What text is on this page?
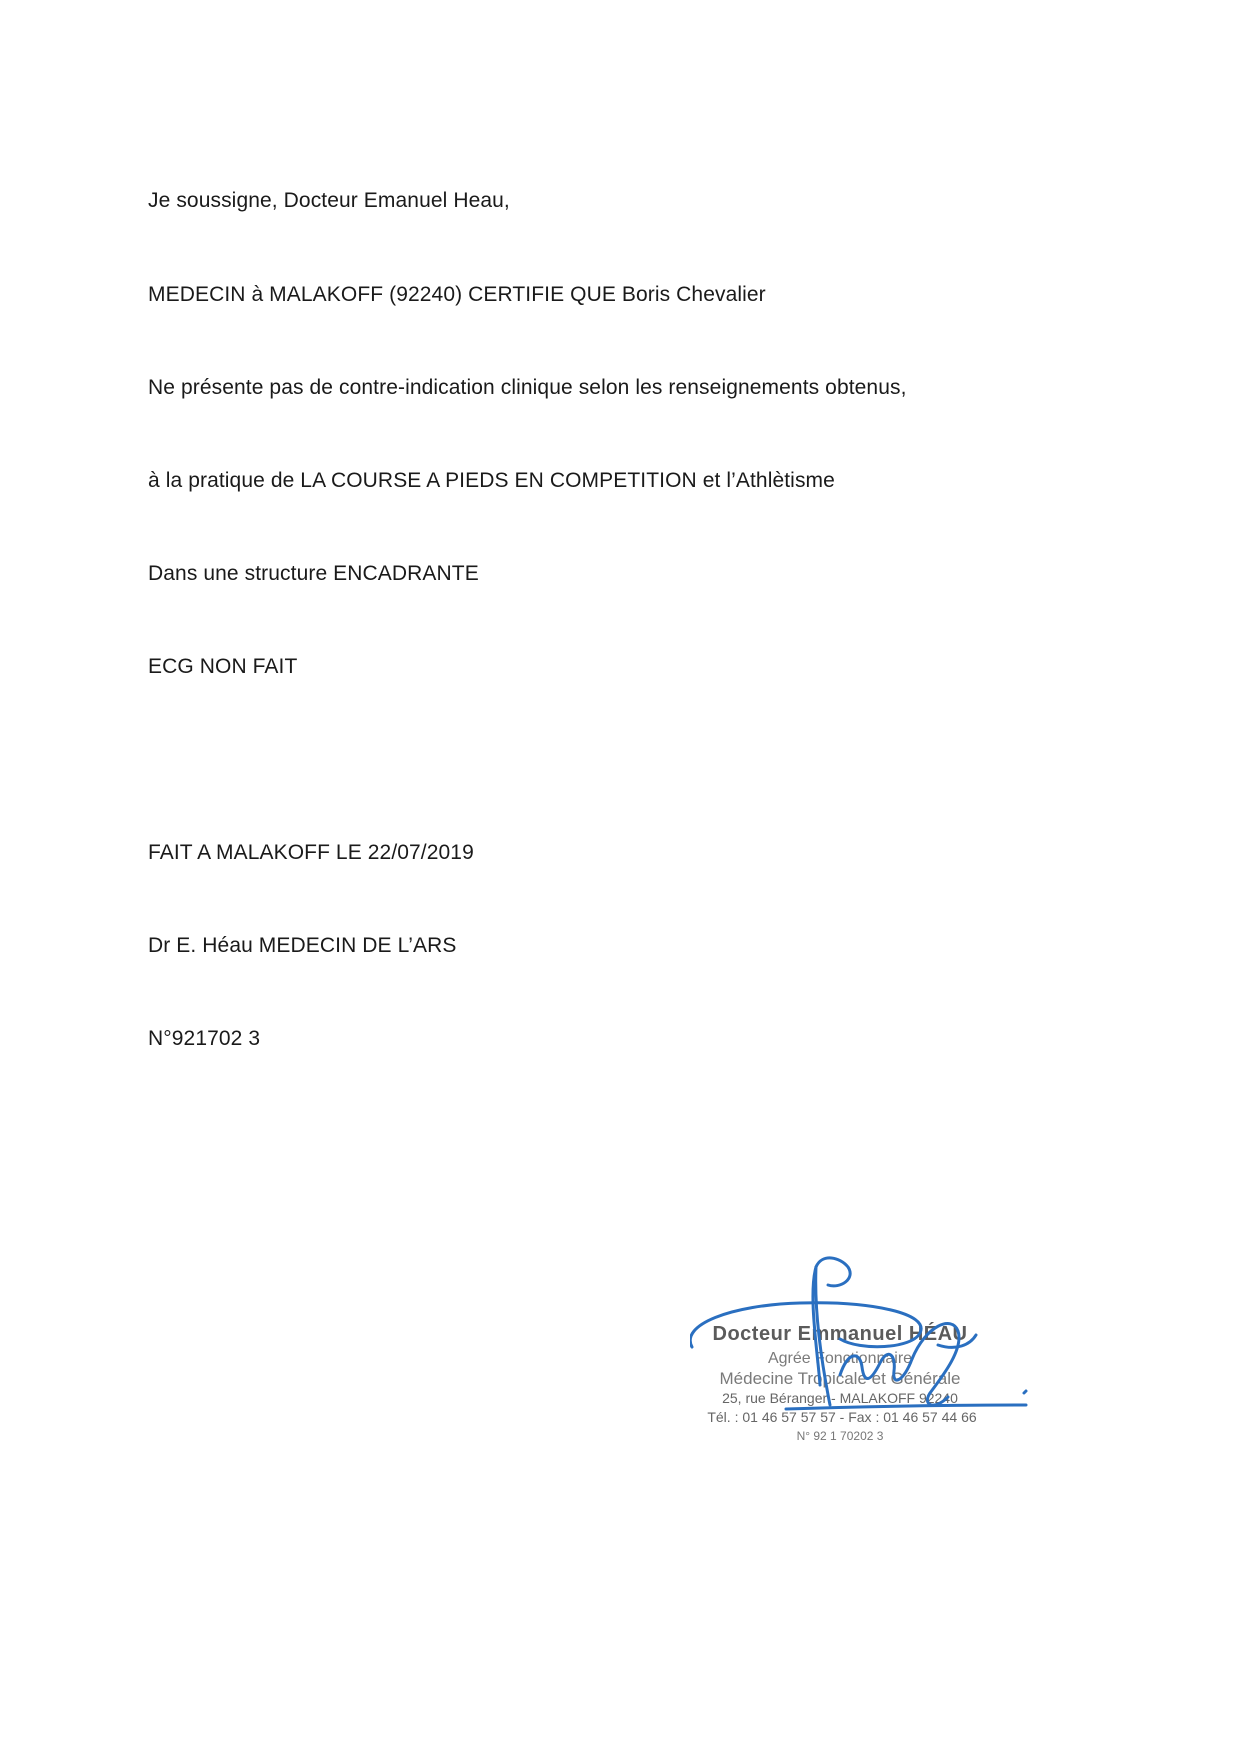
Je soussigne, Docteur Emanuel Heau,
MEDECIN à MALAKOFF (92240) CERTIFIE QUE Boris Chevalier
Ne présente pas de contre-indication clinique selon les renseignements obtenus,
à la pratique de LA COURSE A PIEDS EN COMPETITION et l’Athlètisme
Dans une structure ENCADRANTE
ECG NON FAIT
FAIT A MALAKOFF LE 22/07/2019
Dr E. Héau MEDECIN DE L’ARS
N°921702 3
Docteur Emmanuel HÉAU
Agrée Fonctionnaire
Médecine Tropicale et Générale
25, rue Béranger - MALAKOFF 92240
Tél. : 01 46 57 57 57 - Fax : 01 46 57 44 66
N° 92 1 70202 3
